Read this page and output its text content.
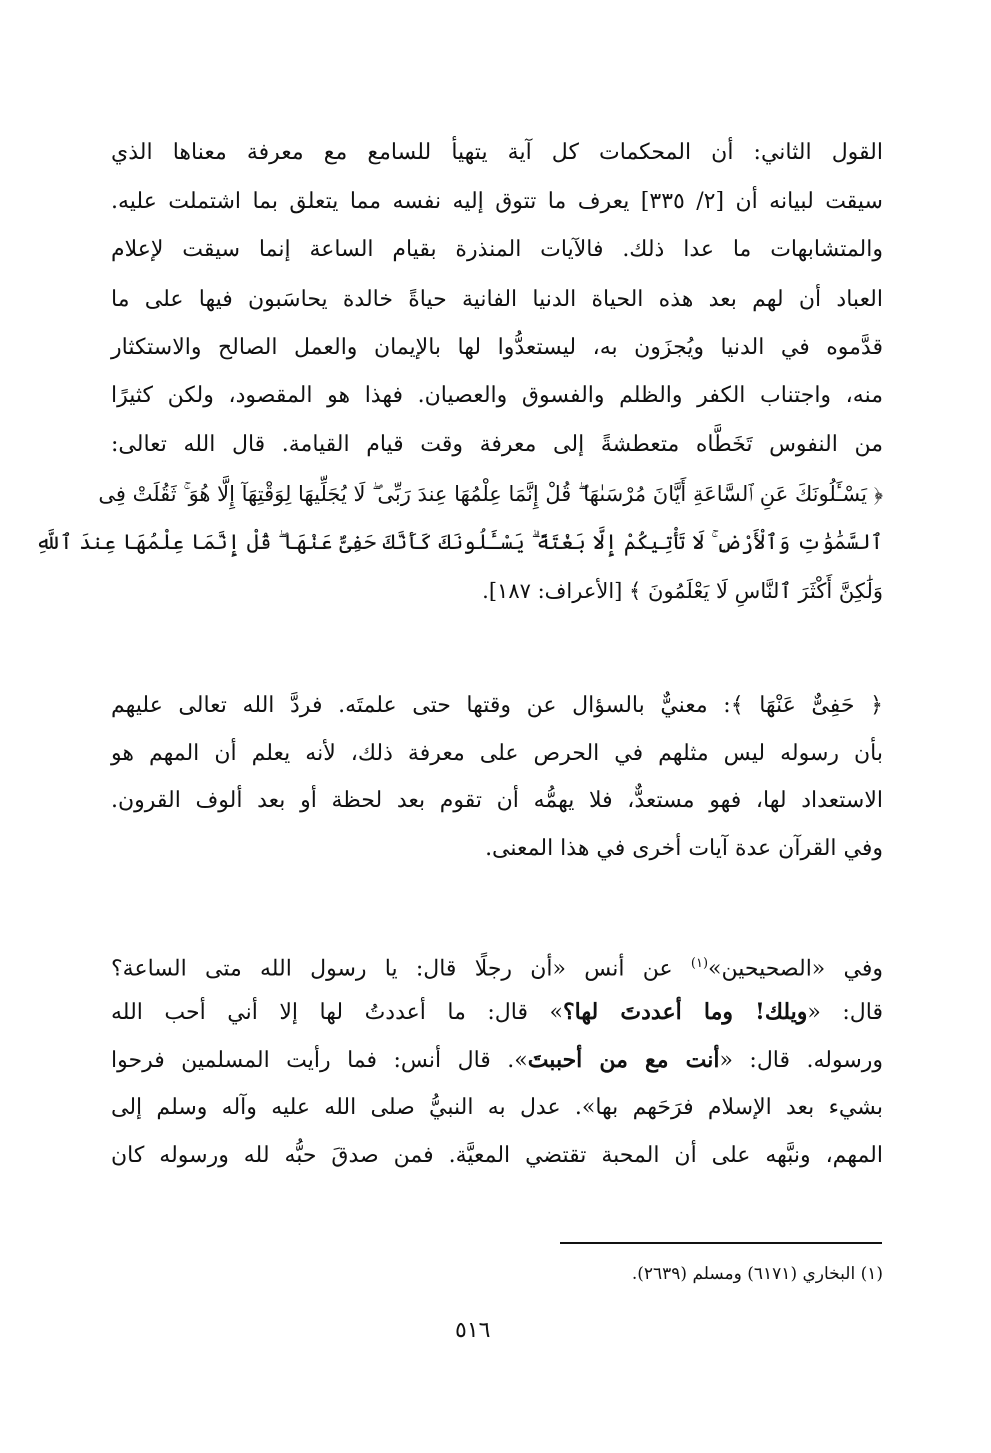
القول الثاني: أن المحكمات كل آية يتهيأ للسامع مع معرفة معناها الذي
سيقت لبيانه أن [٢/ ٣٣٥] يعرف ما تتوق إليه نفسه مما يتعلق بما اشتملت عليه.
والمتشابهات ما عدا ذلك. فالآيات المنذرة بقيام الساعة إنما سيقت لإعلام
العباد أن لهم بعد هذه الحياة الدنيا الفانية حياةً خالدة يحاسَبون فيها على ما
قدَّموه في الدنيا ويُجزَون به، ليستعدُّوا لها بالإيمان والعمل الصالح والاستكثار
منه، واجتناب الكفر والظلم والفسوق والعصيان. فهذا هو المقصود، ولكن كثيرًا
من النفوس تَخَطَّاه متعطشةً إلى معرفة وقت قيام القيامة. قال الله تعالى:
﴿ يَسْـَٔلُونَكَ عَنِ ٱلسَّاعَةِ أَيَّانَ مُرْسَىٰهَا ۖ قُلْ إِنَّمَا عِلْمُهَا عِندَ رَبِّى ۖ لَا يُجَلِّيهَا لِوَقْتِهَآ إِلَّا هُوَ ۚ ثَقُلَتْ فِى
ٱلسَّمَٰوَٰتِ وَٱلْأَرْضِ ۚ لَا تَأْتِيكُمْ إِلَّا بَغْتَةً ۗ يَسْـَٔلُونَكَ كَأَنَّكَ حَفِىٌّ عَنْهَا ۖ قُلْ إِنَّمَا عِلْمُهَا عِندَ ٱللَّهِ
وَلَٰكِنَّ أَكْثَرَ ٱلنَّاسِ لَا يَعْلَمُونَ ﴾ [الأعراف: ١٨٧].
﴿ حَفِىٌّ عَنْهَا ﴾: معنيٌّ بالسؤال عن وقتها حتى علمتَه. فردَّ الله تعالى عليهم
بأن رسوله ليس مثلهم في الحرص على معرفة ذلك، لأنه يعلم أن المهم هو
الاستعداد لها، فهو مستعدٌّ، فلا يهمُّه أن تقوم بعد لحظة أو بعد ألوف القرون.
وفي القرآن عدة آيات أخرى في هذا المعنى.
وفي «الصحيحين»$^{(١)}$ عن أنس «أن رجلًا قال: يا رسول الله متى الساعة؟
قال: «ويلك! وما أعددتَ لها؟» قال: ما أعددتُ لها إلا أني أحب الله
ورسوله. قال: «أنت مع من أحببتَ». قال أنس: فما رأيت المسلمين فرحوا
بشيء بعد الإسلام فرَحَهم بها». عدل به النبيُّ صلى الله عليه وآله وسلم إلى
المهم، ونبَّهه على أن المحبة تقتضي المعيَّة. فمن صدقَ حبُّه لله ورسوله كان
(١) البخاري (٦١٧١) ومسلم (٢٦٣٩).
٥١٦
